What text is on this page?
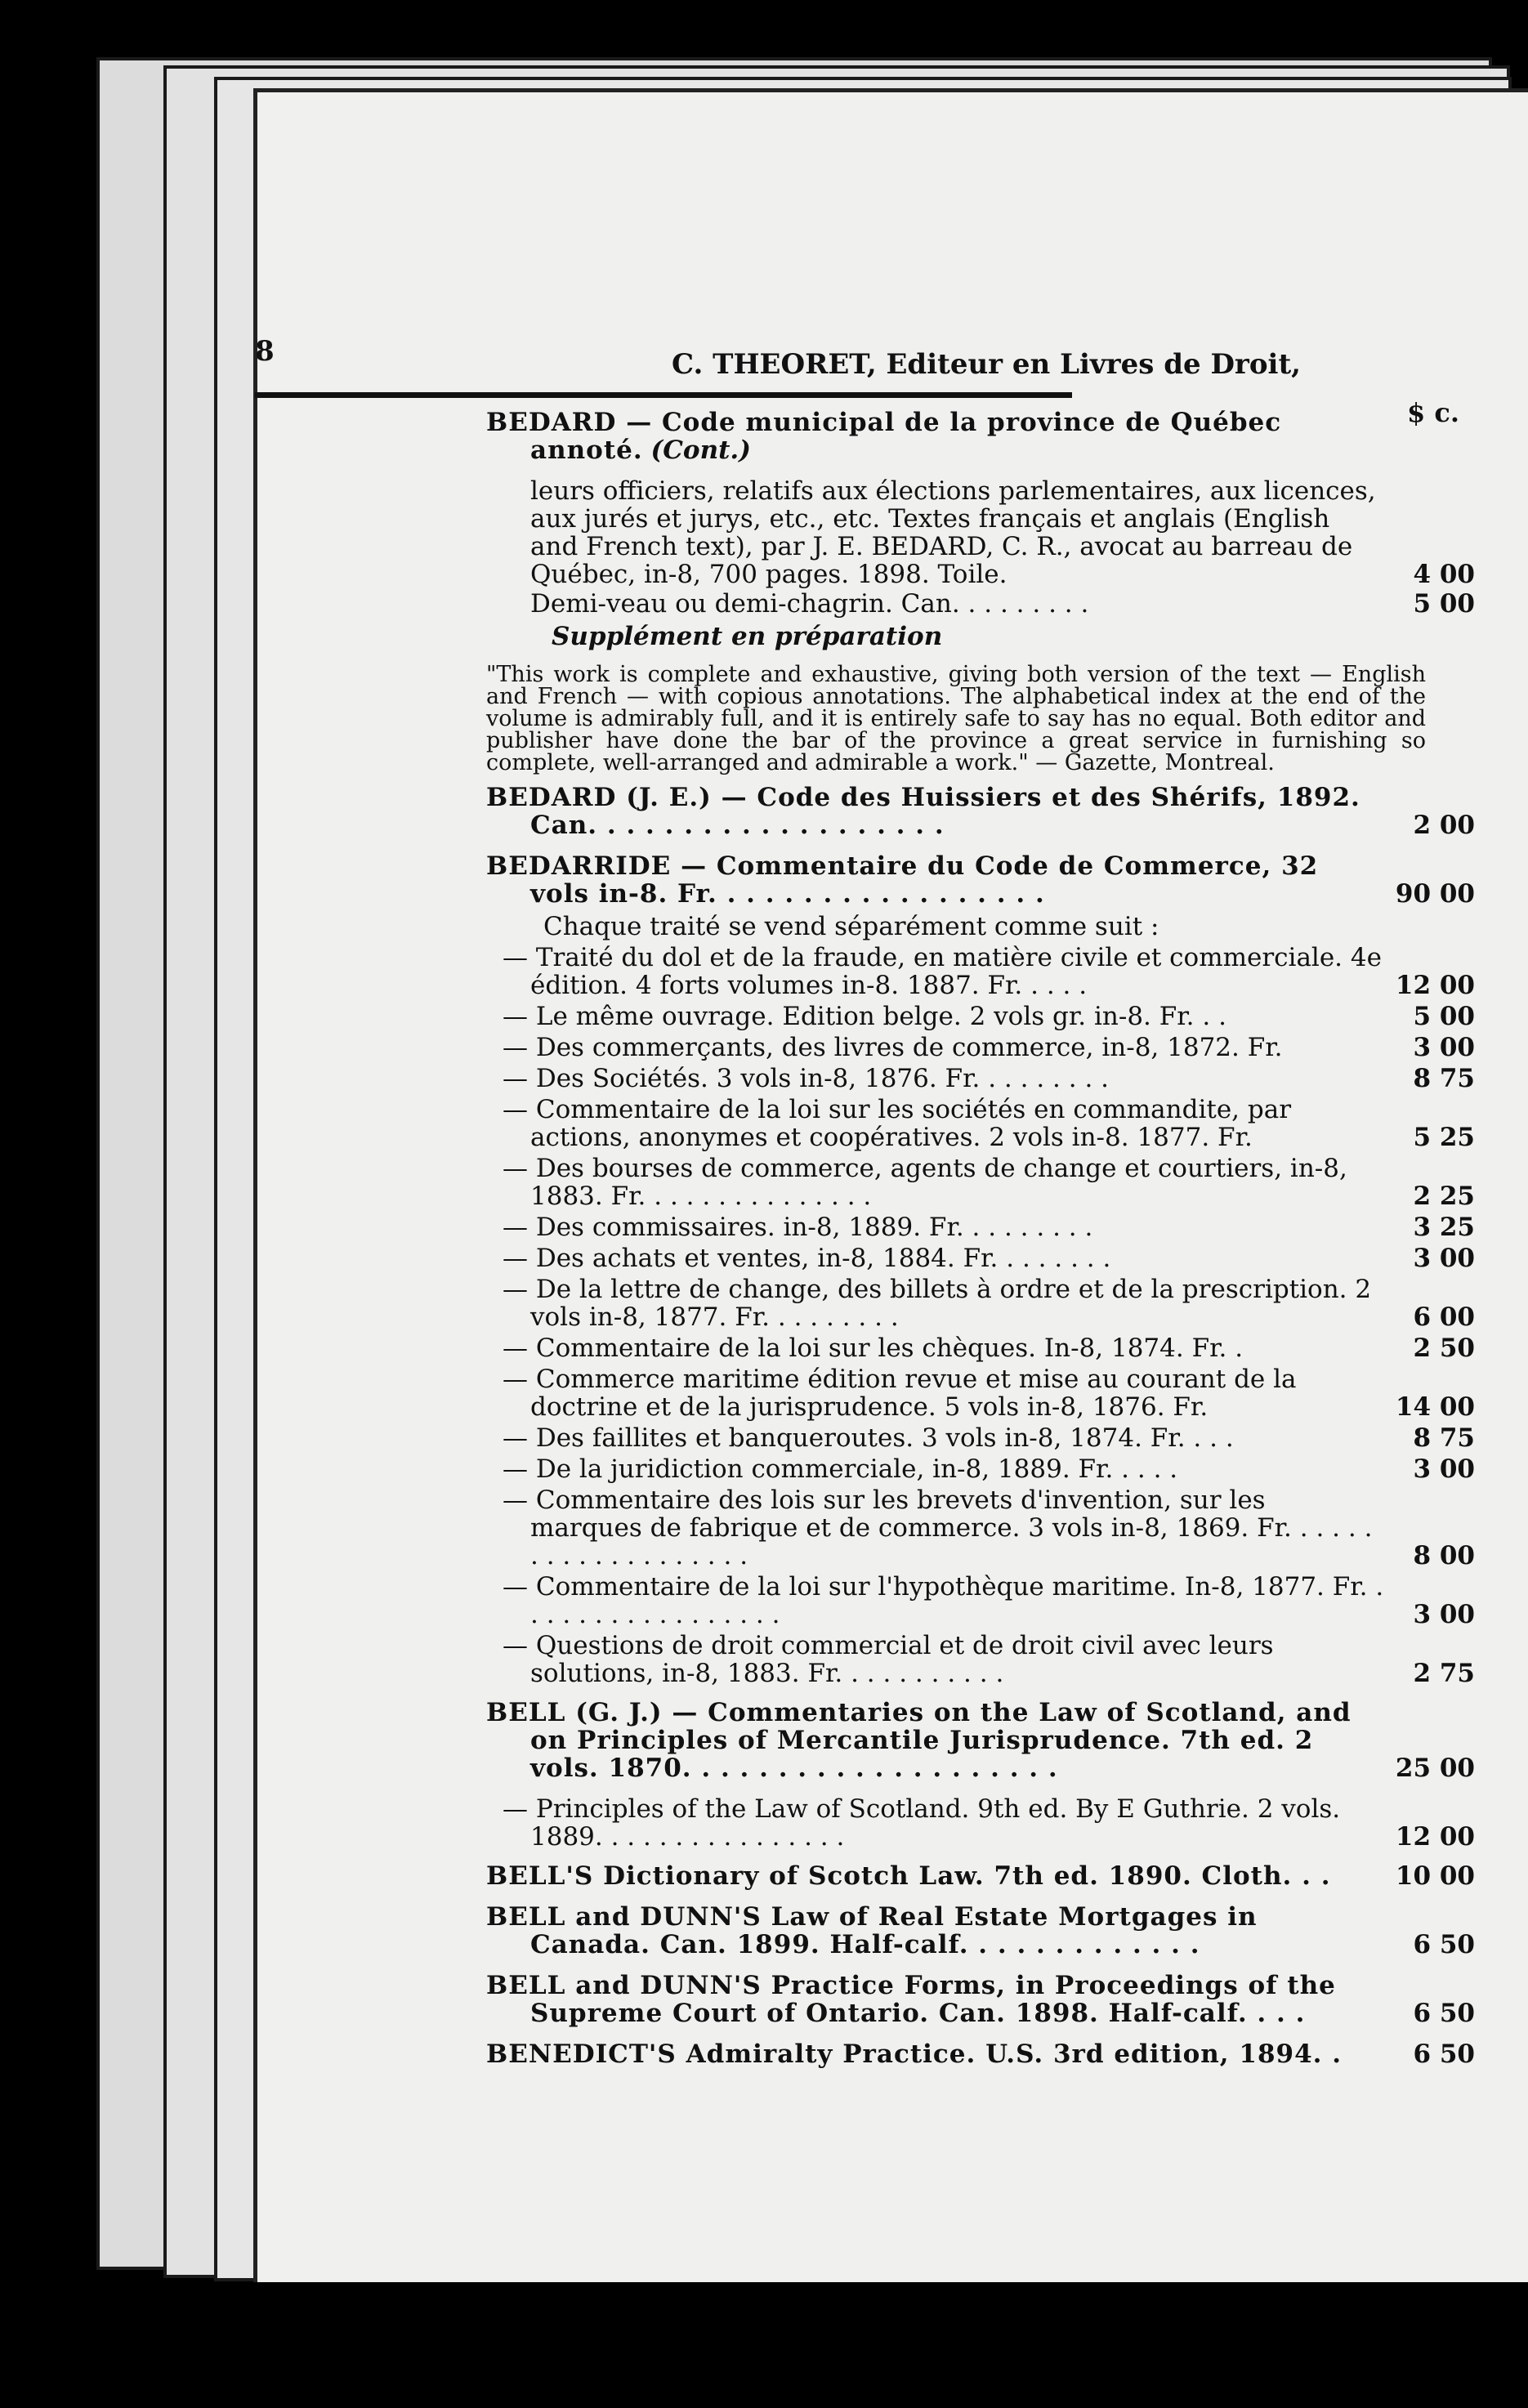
8	C. THEORET, Editeur en Livres de Droit,
$ c.
BEDARD — Code municipal de la province de Québec annoté. (Cont.)
leurs officiers, relatifs aux élections parlementaires, aux licences, aux jurés et jurys, etc., etc. Textes français et anglais (English and French text), par J. E. BEDARD, C. R., avocat au barreau de Québec, in-8, 700 pages. 1898. Toile.	4 00
Demi-veau ou demi-chagrin. Can. . . . . . . . .	5 00
Supplément en préparation
"This work is complete and exhaustive, giving both version of the text — English and French — with copious annotations. The alphabetical index at the end of the volume is admirably full, and it is entirely safe to say has no equal. Both editor and publisher have done the bar of the province a great service in furnishing so complete, well-arranged and admirable a work." — Gazette, Montreal.
BEDARD (J. E.) — Code des Huissiers et des Shérifs, 1892. Can. . . . . . . . . . . . . . . . . . .	2 00
BEDARRIDE — Commentaire du Code de Commerce, 32 vols in-8. Fr. . . . . . . . . . . . . . . . . .	90 00
Chaque traité se vend séparément comme suit :
— Traité du dol et de la fraude, en matière civile et commerciale. 4e édition. 4 forts volumes in-8. 1887. Fr. . . . .	12 00
— Le même ouvrage. Edition belge. 2 vols gr. in-8. Fr. . .	5 00
— Des commerçants, des livres de commerce, in-8, 1872. Fr.	3 00
— Des Sociétés. 3 vols in-8, 1876. Fr. . . . . . . . .	8 75
— Commentaire de la loi sur les sociétés en commandite, par actions, anonymes et coopératives. 2 vols in-8. 1877. Fr.	5 25
— Des bourses de commerce, agents de change et courtiers, in-8, 1883. Fr. . . . . . . . . . . . . . .	2 25
— Des commissaires. in-8, 1889. Fr. . . . . . . . .	3 25
— Des achats et ventes, in-8, 1884. Fr. . . . . . . .	3 00
— De la lettre de change, des billets à ordre et de la prescription. 2 vols in-8, 1877. Fr. . . . . . . . .	6 00
— Commentaire de la loi sur les chèques. In-8, 1874. Fr. .	2 50
— Commerce maritime édition revue et mise au courant de la doctrine et de la jurisprudence. 5 vols in-8, 1876. Fr.	14 00
— Des faillites et banqueroutes. 3 vols in-8, 1874. Fr. . . .	8 75
— De la juridiction commerciale, in-8, 1889. Fr. . . . .	3 00
— Commentaire des lois sur les brevets d'invention, sur les marques de fabrique et de commerce. 3 vols in-8, 1869. Fr. . . . . . . . . . . . . . . . . . . .	8 00
— Commentaire de la loi sur l'hypothèque maritime. In-8, 1877. Fr. . . . . . . . . . . . . . . . . .	3 00
— Questions de droit commercial et de droit civil avec leurs solutions, in-8, 1883. Fr. . . . . . . . . . .	2 75
BELL (G. J.) — Commentaries on the Law of Scotland, and on Principles of Mercantile Jurisprudence. 7th ed. 2 vols. 1870. . . . . . . . . . . . . . . . . . . .	25 00
— Principles of the Law of Scotland. 9th ed. By E Guthrie. 2 vols. 1889. . . . . . . . . . . . . . . .	12 00
BELL'S Dictionary of Scotch Law. 7th ed. 1890. Cloth. . .	10 00
BELL and DUNN'S Law of Real Estate Mortgages in Canada. Can. 1899. Half-calf. . . . . . . . . . . . .	6 50
BELL and DUNN'S Practice Forms, in Proceedings of the Supreme Court of Ontario. Can. 1898. Half-calf. . . .	6 50
BENEDICT'S Admiralty Practice. U.S. 3rd edition, 1894. .	6 50
